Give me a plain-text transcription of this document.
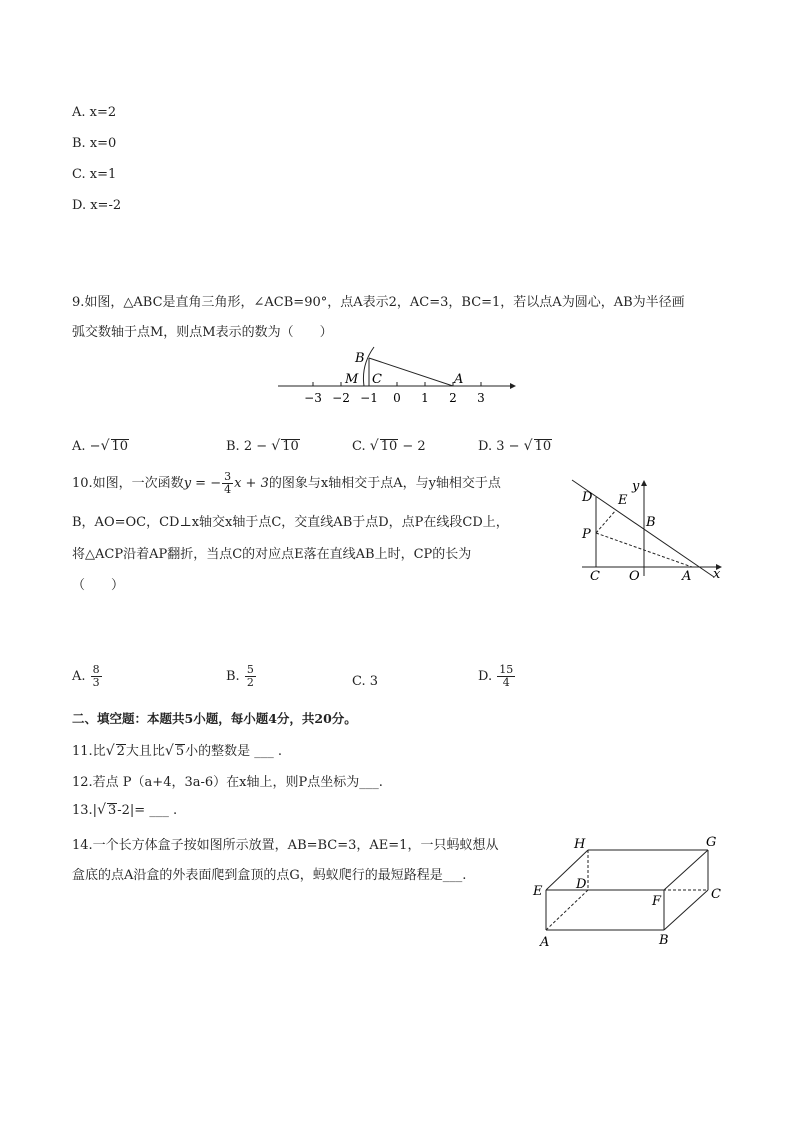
A. x=2
B. x=0
C. x=1
D. x=-2
9.如图，△ABC是直角三角形，∠ACB=90°，点A表示2，AC=3，BC=1，若以点A为圆心，AB为半径画
弧交数轴于点M，则点M表示的数为（　　）
B
M C	A
−3 −2 −1 0 1 2 3
A. −√ 10	B. 2 − √ 10	C. √ 10 − 2	D. 3 − √ 10
10.如图，一次函数y = − $\frac{3}{4}$ x + 3的图象与x轴相交于点A，与y轴相交于点
B，AO=OC，CD⊥x轴交x轴于点C，交直线AB于点D，点P在线段CD上，
将△ACP沿着AP翻折，当点C的对应点E落在直线AB上时，CP的长为
（　　）
D E
y
B
P
C O	A x
A. $\frac{8}{3}$	B. $\frac{5}{2}$	C. 3	D. $\frac{15}{4}$
二、填空题：本题共5小题，每小题4分，共20分。
11.比√ 2大且比√ 5小的整数是 ___ .
12.若点 P（a+4，3a-6）在x轴上，则P点坐标为___.
13.|√ 3-2|= ___ .
14.一个长方体盒子按如图所示放置，AB=BC=3，AE=1，一只蚂蚁想从
盒底的点A沿盒的外表面爬到盒顶的点G，蚂蚁爬行的最短路程是___.
H	G
E	D
F	C
A	B
